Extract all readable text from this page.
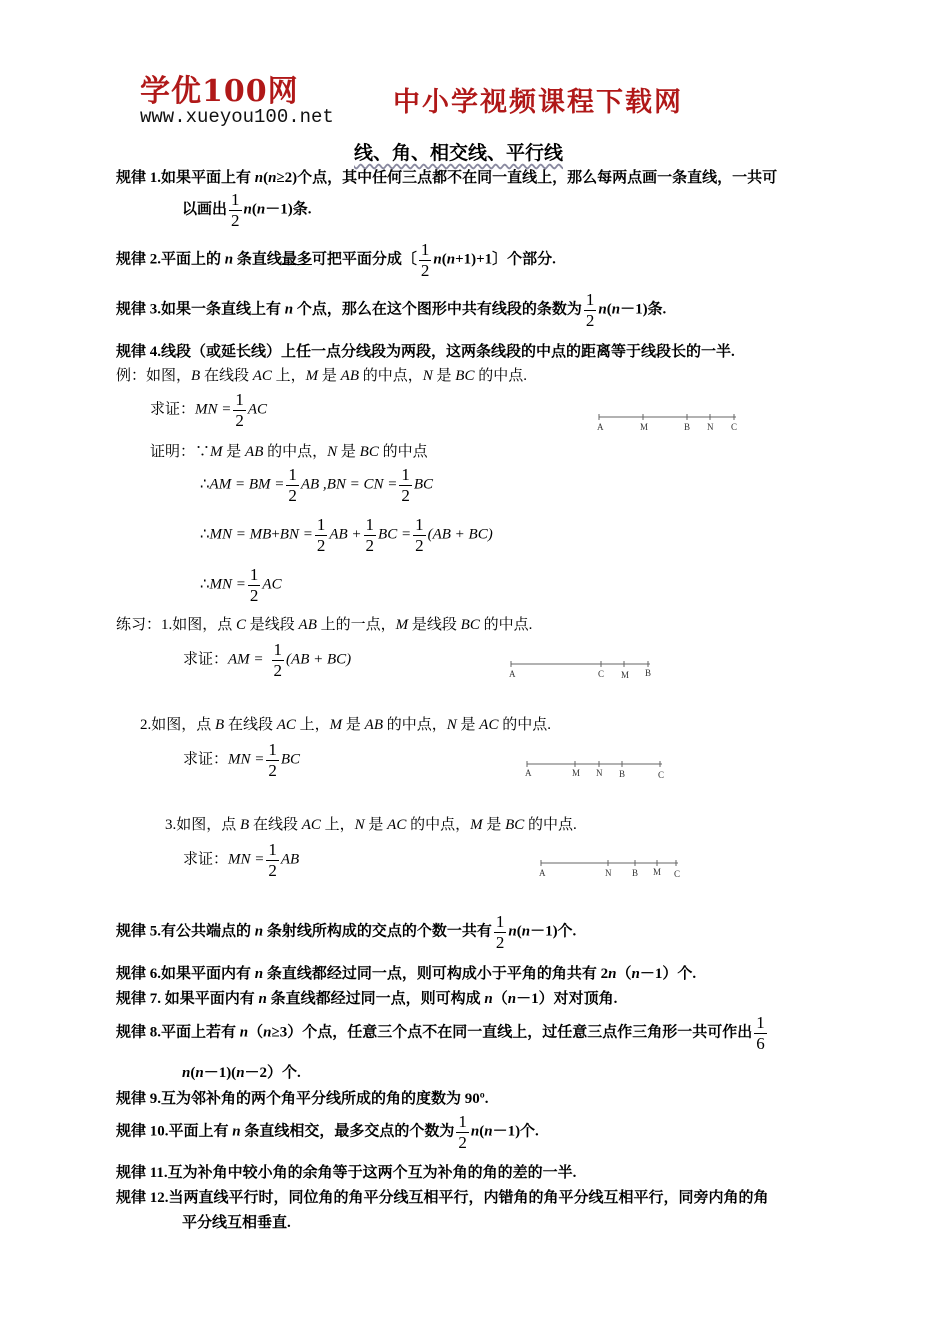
学优100网
www.xueyou100.net 中小学视频课程下载网
线、角、相交线、平行线
规律 1.如果平面上有 n(n≥2)个点，其中任何三点都不在同一直线上，那么每两点画一条直线，一共可
以画出 $\frac{1}{2} n(n-1)$条.
规律 2.平面上的 n 条直线最多可把平面分成〔 $\frac{1}{2} n(n+1)+1$〕个部分.
规律 3.如果一条直线上有 n 个点，那么在这个图形中共有线段的条数为 $\frac{1}{2} n(n-1)$条.
规律 4.线段（或延长线）上任一点分线段为两段，这两条线段的中点的距离等于线段长的一半.
例：如图，B 在线段 AC 上，M 是 AB 的中点，N 是 BC 的中点.
求证：MN = $\frac{1}{2}$ AC
A	M	B N C
证明：∵M 是 AB 的中点，N 是 BC 的中点
∴AM = BM = $\frac{1}{2}$ AB ,BN = CN = $\frac{1}{2}$ BC
∴MN = $MB+BN = \frac{1}{2}$ AB + $\frac{1}{2}$ BC = $\frac{1}{2} (AB + BC)$
∴MN = $\frac{1}{2}$ AC
练习：1.如图，点 C 是线段 AB 上的一点，M 是线段 BC 的中点.
求证：AM = $\frac{1}{2} (AB + BC)$
A	C M B
2.如图，点 B 在线段 AC 上，M 是 AB 的中点，N 是 AC 的中点.
求证：MN = $\frac{1}{2}$ BC
A	M N B	C
3.如图，点 B 在线段 AC 上，N 是 AC 的中点，M 是 BC 的中点.
求证：MN = $\frac{1}{2}$ AB
A	N B M C
规律 5.有公共端点的 n 条射线所构成的交点的个数一共有 $\frac{1}{2} n(n-1)$个.
规律 6.如果平面内有 n 条直线都经过同一点，则可构成小于平角的角共有 2n（n－1）个.
规律 7. 如果平面内有 n 条直线都经过同一点，则可构成 n（n－1）对对顶角.
规律 8.平面上若有 n（n≥3）个点，任意三个点不在同一直线上，过任意三点作三角形一共可作出 $\frac{1}{6}$
n(n－1)(n－2）个.
规律 9.互为邻补角的两个角平分线所成的角的度数为 90º.
规律 10.平面上有 n 条直线相交，最多交点的个数为 $\frac{1}{2} n(n-1)$个.
规律 11.互为补角中较小角的余角等于这两个互为补角的角的差的一半.
规律 12.当两直线平行时，同位角的角平分线互相平行，内错角的角平分线互相平行，同旁内角的角
平分线互相垂直.
